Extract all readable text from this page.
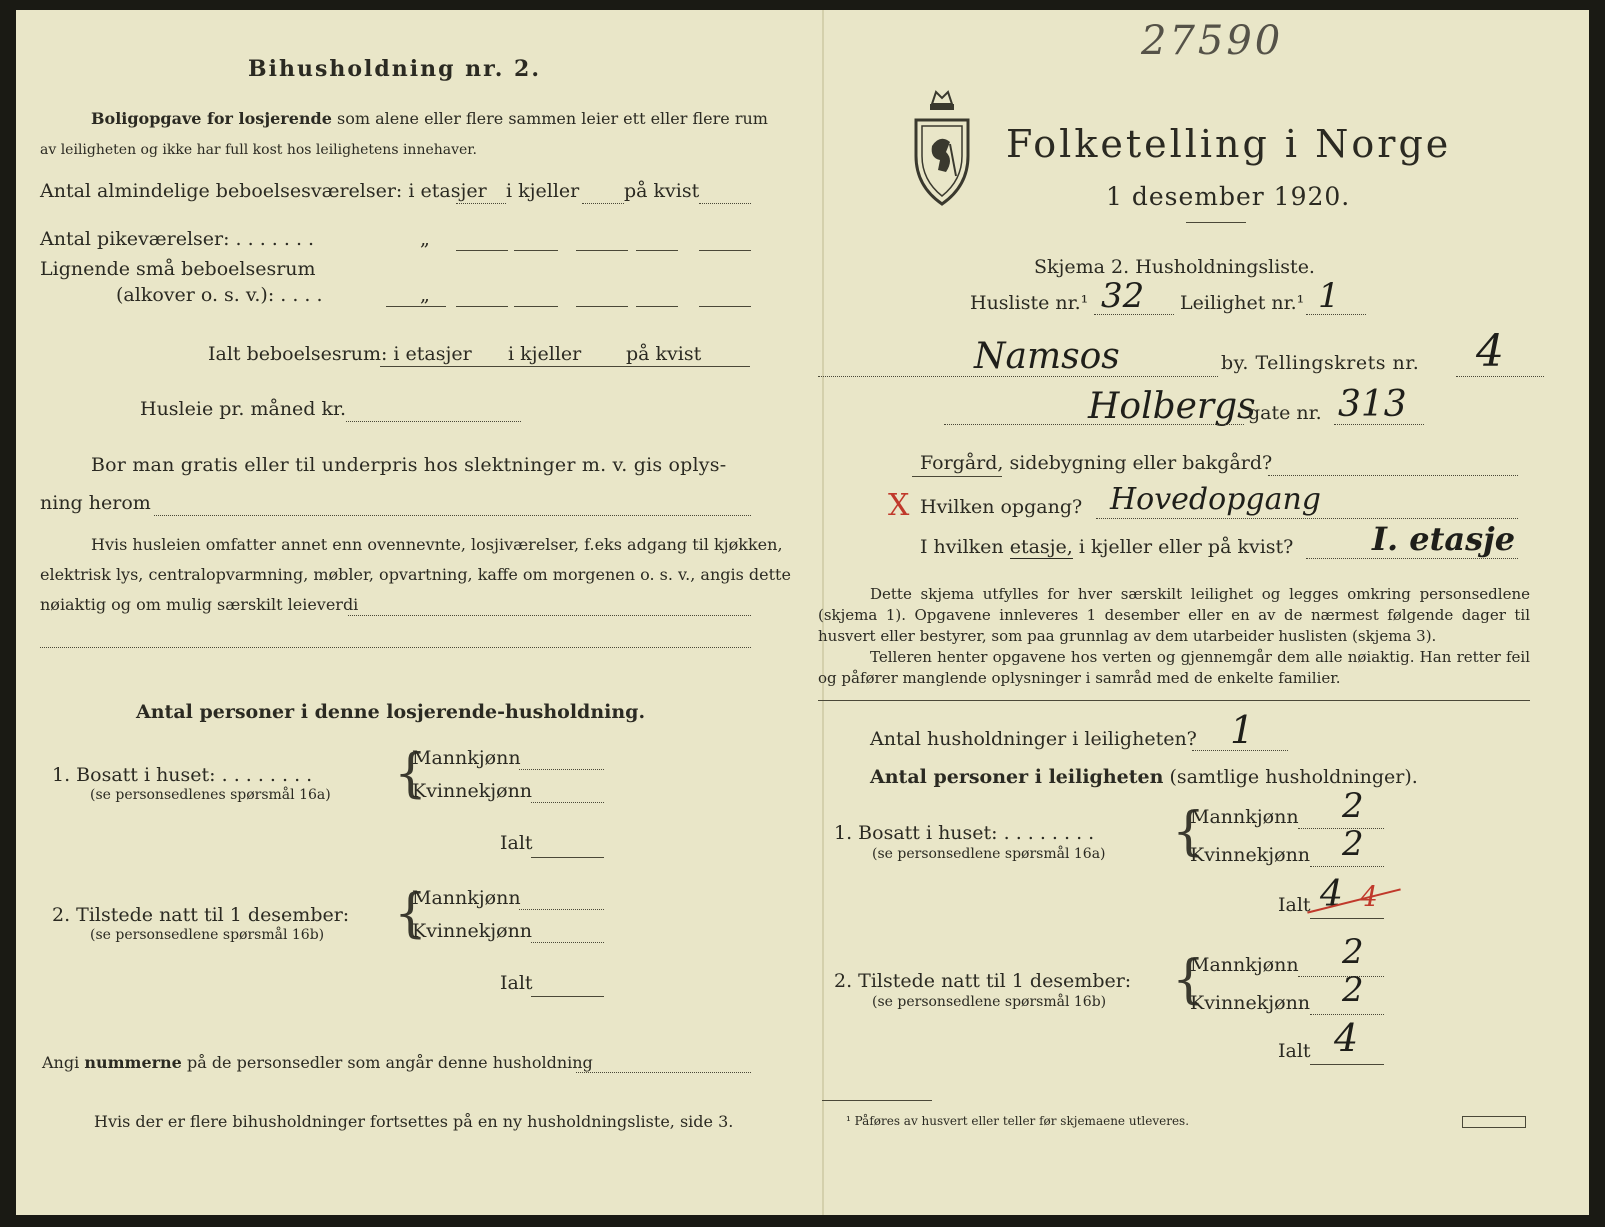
27590
Bihusholdning nr. 2.
Boligopgave for losjerende som alene eller flere sammen leier ett eller flere rum
av leiligheten og ikke har full kost hos leilighetens innehaver.
Antal almindelige beboelsesværelser: i etasjer i kjeller på kvist
Antal pikeværelser: . . . . . . .	„
Lignende små beboelsesrum
(alkover o. s. v.): . . . .	„
Ialt beboelsesrum: i etasjer i kjeller på kvist
Husleie pr. måned kr.
Bor man gratis eller til underpris hos slektninger m. v. gis oplys-
ning herom
Hvis husleien omfatter annet enn ovennevnte, losjiværelser, f.eks adgang til kjøkken,
elektrisk lys, centralopvarmning, møbler, opvartning, kaffe om morgenen o. s. v., angis dette
nøiaktig og om mulig særskilt leieverdi
Antal personer i denne losjerende-husholdning.
1. Bosatt i huset: . . . . . . . .
(se personsedlenes spørsmål 16a) {
Mannkjønn
Kvinnekjønn
Ialt
2. Tilstede natt til 1 desember:
(se personsedlene spørsmål 16b) {
Mannkjønn
Kvinnekjønn
Ialt
Angi nummerne på de personsedler som angår denne husholdning
Hvis der er flere bihusholdninger fortsettes på en ny husholdningsliste, side 3.
Folketelling i Norge
1 desember 1920.
Skjema 2. Husholdningsliste.
Husliste nr.¹ 32 Leilighet nr.¹ 1
Namsos	by. Tellingskrets nr. 4
Holbergs
gate nr. 313
Forgård, sidebygning eller bakgård?
X Hvilken opgang? Hovedopgang
I hvilken etasje, i kjeller eller på kvist? I. etasje
Dette skjema utfylles for hver særskilt leilighet og legges omkring personsedlene (skjema 1). Opgavene innleveres 1 desember eller en av de nærmest følgende dager til husvert eller bestyrer, som paa grunnlag av dem utarbeider huslisten (skjema 3).
Telleren henter opgavene hos verten og gjennemgår dem alle nøiaktig. Han retter feil og påfører manglende oplysninger i samråd med de enkelte familier.
Antal husholdninger i leiligheten? 1
Antal personer i leiligheten (samtlige husholdninger).
1. Bosatt i huset: . . . . . . . .
(se personsedlene spørsmål 16a) {
Mannkjønn 2
Kvinnekjønn 2
Ialt 4 4
2. Tilstede natt til 1 desember:
(se personsedlene spørsmål 16b) {
Mannkjønn 2
Kvinnekjønn 2
Ialt 4
¹ Påføres av husvert eller teller før skjemaene utleveres.
